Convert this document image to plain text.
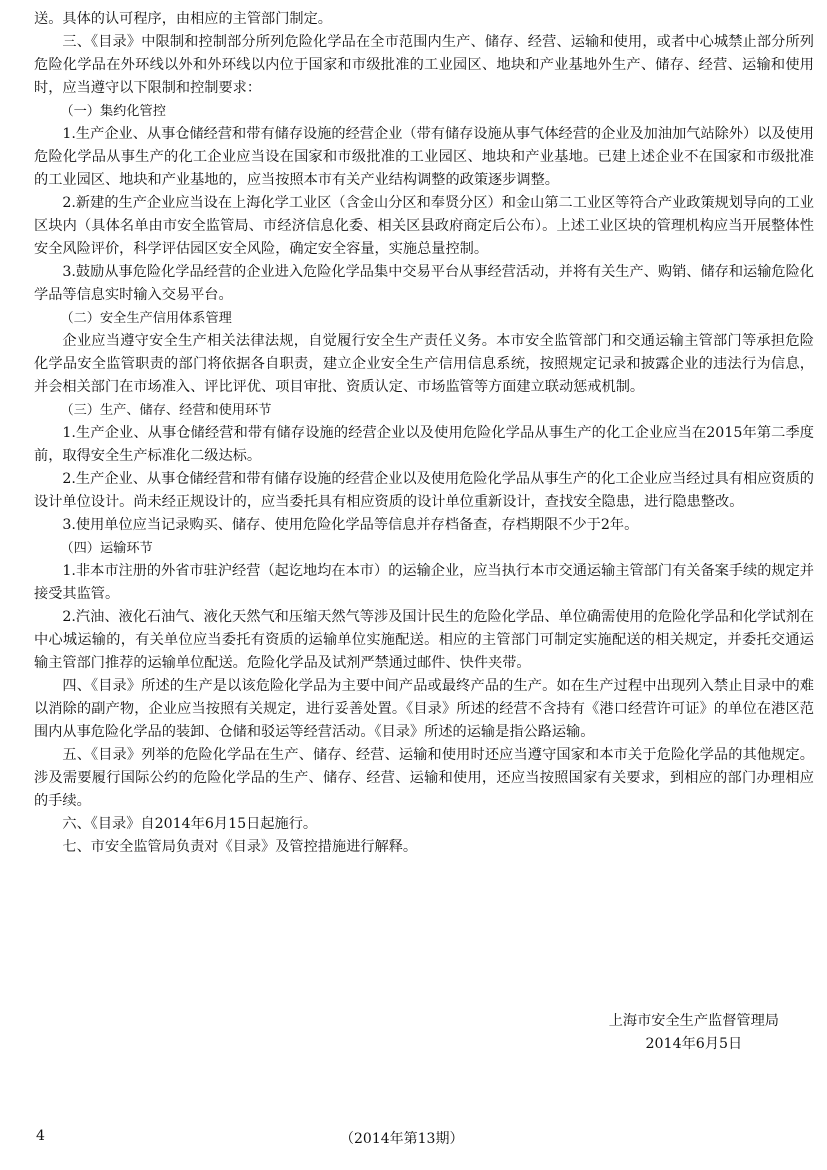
送。具体的认可程序，由相应的主管部门制定。

三、《目录》中限制和控制部分所列危险化学品在全市范围内生产、储存、经营、运输和使用，或者中心城禁止部分所列危险化学品在外环线以外和外环线以内位于国家和市级批准的工业园区、地块和产业基地外生产、储存、经营、运输和使用时，应当遵守以下限制和控制要求：

（一）集约化管控

1.生产企业、从事仓储经营和带有储存设施的经营企业（带有储存设施从事气体经营的企业及加油加气站除外）以及使用危险化学品从事生产的化工企业应当设在国家和市级批准的工业园区、地块和产业基地。已建上述企业不在国家和市级批准的工业园区、地块和产业基地的，应当按照本市有关产业结构调整的政策逐步调整。

2.新建的生产企业应当设在上海化学工业区（含金山分区和奉贤分区）和金山第二工业区等符合产业政策规划导向的工业区块内（具体名单由市安全监管局、市经济信息化委、相关区县政府商定后公布）。上述工业区块的管理机构应当开展整体性安全风险评价，科学评估园区安全风险，确定安全容量，实施总量控制。

3.鼓励从事危险化学品经营的企业进入危险化学品集中交易平台从事经营活动，并将有关生产、购销、储存和运输危险化学品等信息实时输入交易平台。

（二）安全生产信用体系管理

企业应当遵守安全生产相关法律法规，自觉履行安全生产责任义务。本市安全监管部门和交通运输主管部门等承担危险化学品安全监管职责的部门将依据各自职责，建立企业安全生产信用信息系统，按照规定记录和披露企业的违法行为信息，并会相关部门在市场准入、评比评优、项目审批、资质认定、市场监管等方面建立联动惩戒机制。

（三）生产、储存、经营和使用环节

1.生产企业、从事仓储经营和带有储存设施的经营企业以及使用危险化学品从事生产的化工企业应当在2015年第二季度前，取得安全生产标准化二级达标。

2.生产企业、从事仓储经营和带有储存设施的经营企业以及使用危险化学品从事生产的化工企业应当经过具有相应资质的设计单位设计。尚未经正规设计的，应当委托具有相应资质的设计单位重新设计，查找安全隐患，进行隐患整改。

3.使用单位应当记录购买、储存、使用危险化学品等信息并存档备查，存档期限不少于2年。

（四）运输环节

1.非本市注册的外省市驻沪经营（起讫地均在本市）的运输企业，应当执行本市交通运输主管部门有关备案手续的规定并接受其监管。

2.汽油、液化石油气、液化天然气和压缩天然气等涉及国计民生的危险化学品、单位确需使用的危险化学品和化学试剂在中心城运输的，有关单位应当委托有资质的运输单位实施配送。相应的主管部门可制定实施配送的相关规定，并委托交通运输主管部门推荐的运输单位配送。危险化学品及试剂严禁通过邮件、快件夹带。

四、《目录》所述的生产是以该危险化学品为主要中间产品或最终产品的生产。如在生产过程中出现列入禁止目录中的难以消除的副产物，企业应当按照有关规定，进行妥善处置。《目录》所述的经营不含持有《港口经营许可证》的单位在港区范围内从事危险化学品的装卸、仓储和驳运等经营活动。《目录》所述的运输是指公路运输。

五、《目录》列举的危险化学品在生产、储存、经营、运输和使用时还应当遵守国家和本市关于危险化学品的其他规定。涉及需要履行国际公约的危险化学品的生产、储存、经营、运输和使用，还应当按照国家有关要求，到相应的部门办理相应的手续。

六、《目录》自2014年6月15日起施行。

七、市安全监管局负责对《目录》及管控措施进行解释。

上海市安全生产监督管理局
2014年6月5日
4	（2014年第13期）
